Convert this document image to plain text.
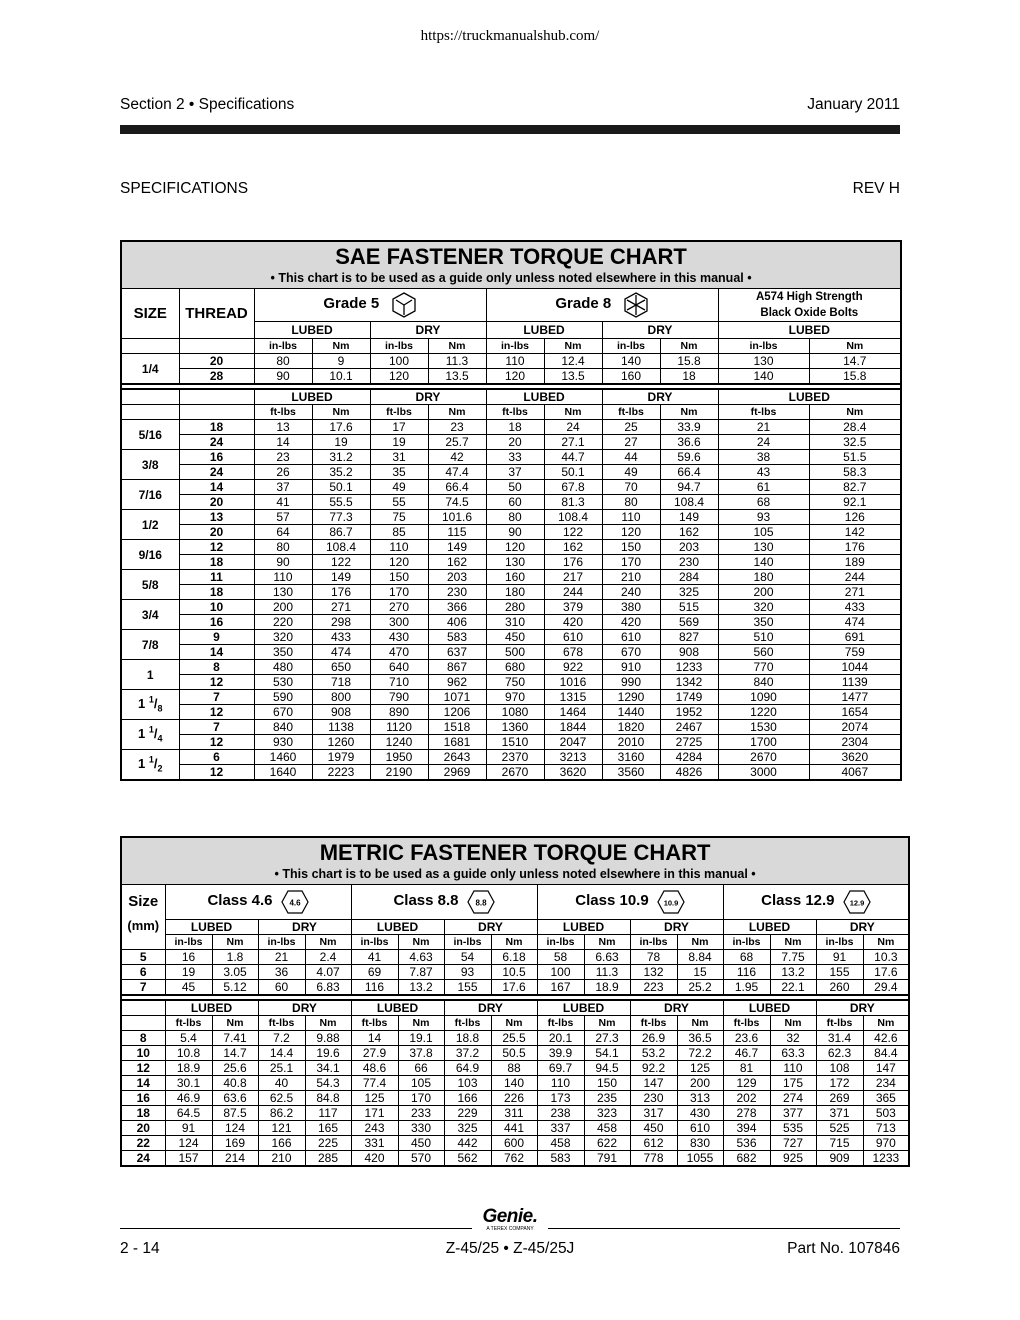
https://truckmanualshub.com/
Section 2 • Specifications	January 2011
SPECIFICATIONS	REV H
SAE FASTENER TORQUE CHART
• This chart is to be used as a guide only unless noted elsewhere in this manual •											

SIZE	THREAD	Grade 5				Grade 8				A574 High Strength
Black Oxide Bolts	

		LUBED		DRY		LUBED		DRY		LUBED	
		in-lbs	Nm	in-lbs	Nm	in-lbs	Nm	in-lbs	Nm	in-lbs	Nm
1/4	20	80	9	100	11.3	110	12.4	140	15.8	130	14.7
	28	90	10.1	120	13.5	120	13.5	160	18	140	15.8

		LUBED		DRY		LUBED		DRY		LUBED	
		ft-lbs	Nm	ft-lbs	Nm	ft-lbs	Nm	ft-lbs	Nm	ft-lbs	Nm
5/16	18	13	17.6	17	23	18	24	25	33.9	21	28.4
	24	14	19	19	25.7	20	27.1	27	36.6	24	32.5
3/8	16	23	31.2	31	42	33	44.7	44	59.6	38	51.5
	24	26	35.2	35	47.4	37	50.1	49	66.4	43	58.3
7/16	14	37	50.1	49	66.4	50	67.8	70	94.7	61	82.7
	20	41	55.5	55	74.5	60	81.3	80	108.4	68	92.1
1/2	13	57	77.3	75	101.6	80	108.4	110	149	93	126
	20	64	86.7	85	115	90	122	120	162	105	142
9/16	12	80	108.4	110	149	120	162	150	203	130	176
	18	90	122	120	162	130	176	170	230	140	189
5/8	11	110	149	150	203	160	217	210	284	180	244
	18	130	176	170	230	180	244	240	325	200	271
3/4	10	200	271	270	366	280	379	380	515	320	433
	16	220	298	300	406	310	420	420	569	350	474
7/8	9	320	433	430	583	450	610	610	827	510	691
	14	350	474	470	637	500	678	670	908	560	759
1	8	480	650	640	867	680	922	910	1233	770	1044
	12	530	718	710	962	750	1016	990	1342	840	1139
1 $^1/_8$	7	590	800	790	1071	970	1315	1290	1749	1090	1477
	12	670	908	890	1206	1080	1464	1440	1952	1220	1654
1 $^1/_4$	7	840	1138	1120	1518	1360	1844	1820	2467	1530	2074
	12	930	1260	1240	1681	1510	2047	2010	2725	1700	2304
1 $^1/_2$	6	1460	1979	1950	2643	2370	3213	3160	4284	2670	3620
	12	1640	2223	2190	2969	2670	3620	3560	4826	3000	4067
METRIC FASTENER TORQUE CHART
• This chart is to be used as a guide only unless noted elsewhere in this manual •																

Size	Class 4.6 4.6				Class 8.8 8.8				Class 10.9 10.9				Class 12.9 12.9			

(mm)	LUBED		DRY		LUBED		DRY		LUBED		DRY		LUBED		DRY	
	in-lbs	Nm	in-lbs	Nm	in-lbs	Nm	in-lbs	Nm	in-lbs	Nm	in-lbs	Nm	in-lbs	Nm	in-lbs	Nm
5	16	1.8	21	2.4	41	4.63	54	6.18	58	6.63	78	8.84	68	7.75	91	10.3
6	19	3.05	36	4.07	69	7.87	93	10.5	100	11.3	132	15	116	13.2	155	17.6
7	45	5.12	60	6.83	116	13.2	155	17.6	167	18.9	223	25.2	1.95	22.1	260	29.4

	LUBED		DRY		LUBED		DRY		LUBED		DRY		LUBED		DRY	
	ft-lbs	Nm	ft-lbs	Nm	ft-lbs	Nm	ft-lbs	Nm	ft-lbs	Nm	ft-lbs	Nm	ft-lbs	Nm	ft-lbs	Nm
8	5.4	7.41	7.2	9.88	14	19.1	18.8	25.5	20.1	27.3	26.9	36.5	23.6	32	31.4	42.6
10	10.8	14.7	14.4	19.6	27.9	37.8	37.2	50.5	39.9	54.1	53.2	72.2	46.7	63.3	62.3	84.4
12	18.9	25.6	25.1	34.1	48.6	66	64.9	88	69.7	94.5	92.2	125	81	110	108	147
14	30.1	40.8	40	54.3	77.4	105	103	140	110	150	147	200	129	175	172	234
16	46.9	63.6	62.5	84.8	125	170	166	226	173	235	230	313	202	274	269	365
18	64.5	87.5	86.2	117	171	233	229	311	238	323	317	430	278	377	371	503
20	91	124	121	165	243	330	325	441	337	458	450	610	394	535	525	713
22	124	169	166	225	331	450	442	600	458	622	612	830	536	727	715	970
24	157	214	210	285	420	570	562	762	583	791	778	1055	682	925	909	1233
Genie.
A TEREX COMPANY
2 - 14	Z-45/25 • Z-45/25J	Part No. 107846
